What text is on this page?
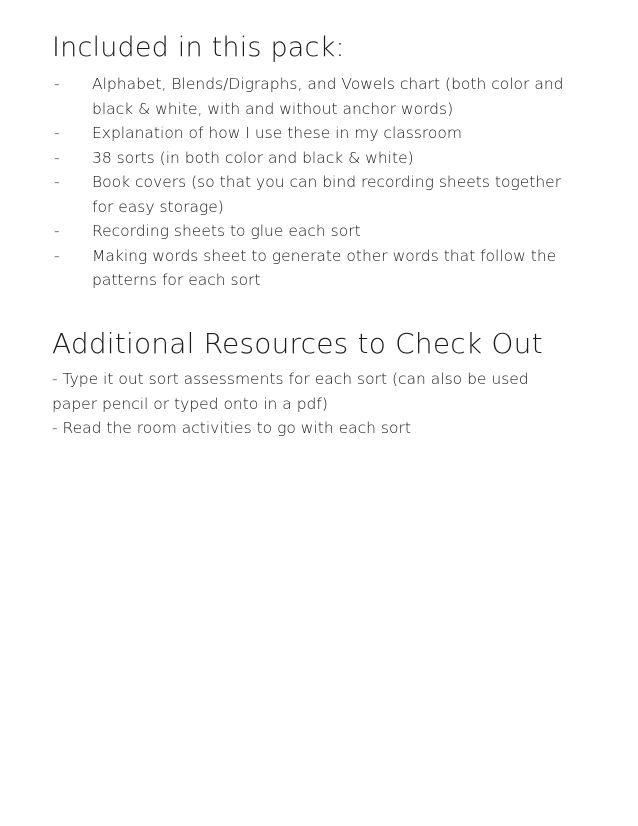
Included in this pack:
-	Alphabet, Blends/Digraphs, and Vowels chart (both color and black & white, with and without anchor words)
-	Explanation of how I use these in my classroom
-	38 sorts (in both color and black & white)
-	Book covers (so that you can bind recording sheets together for easy storage)
-	Recording sheets to glue each sort
-	Making words sheet to generate other words that follow the patterns for each sort
Additional Resources to Check Out
- Type it out sort assessments for each sort (can also be used paper pencil or typed onto in a pdf)
- Read the room activities to go with each sort
